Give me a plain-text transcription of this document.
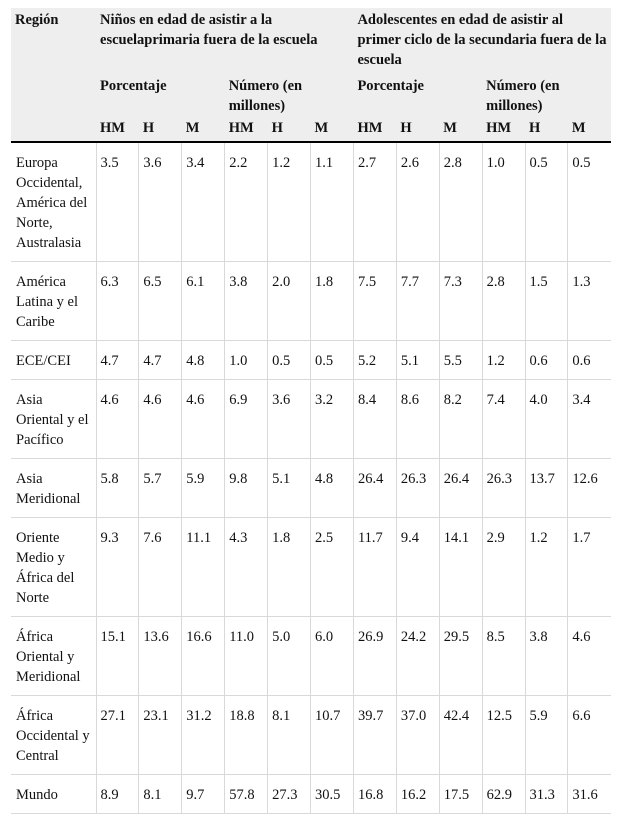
Región	Niños en edad de asistir a la escuelaprimaria fuera de la escuela						Adolescentes en edad de asistir al primer ciclo de la secundaria fuera de la escuela					
	Porcentaje			Número (en millones)			Porcentaje			Número (en millones)		
	HM	H	M	HM	H	M	HM	H	M	HM	H	M
Europa Occidental, América del Norte, Australasia	3.5	3.6	3.4	2.2	1.2	1.1	2.7	2.6	2.8	1.0	0.5	0.5
América Latina y el Caribe	6.3	6.5	6.1	3.8	2.0	1.8	7.5	7.7	7.3	2.8	1.5	1.3
ECE/CEI	4.7	4.7	4.8	1.0	0.5	0.5	5.2	5.1	5.5	1.2	0.6	0.6
Asia Oriental y el Pacífico	4.6	4.6	4.6	6.9	3.6	3.2	8.4	8.6	8.2	7.4	4.0	3.4
Asia Meridional	5.8	5.7	5.9	9.8	5.1	4.8	26.4	26.3	26.4	26.3	13.7	12.6
Oriente Medio y África del Norte	9.3	7.6	11.1	4.3	1.8	2.5	11.7	9.4	14.1	2.9	1.2	1.7
África Oriental y Meridional	15.1	13.6	16.6	11.0	5.0	6.0	26.9	24.2	29.5	8.5	3.8	4.6
África Occidental y Central	27.1	23.1	31.2	18.8	8.1	10.7	39.7	37.0	42.4	12.5	5.9	6.6
Mundo	8.9	8.1	9.7	57.8	27.3	30.5	16.8	16.2	17.5	62.9	31.3	31.6
